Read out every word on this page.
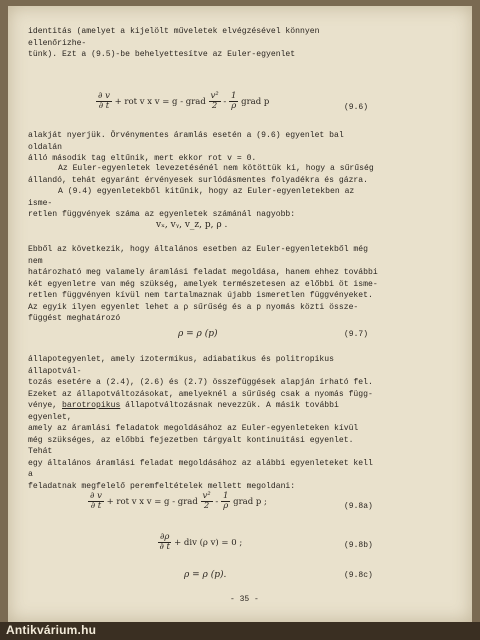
identitás (amelyet a kijelölt műveletek elvégzésével könnyen ellenőrizhe-
tünk). Ezt a (9.5)-be behelyettesítve az Euler-egyenlet
$\frac{\partial v}{\partial t}$ + rot v x v = g - grad $\frac{\text{v²}}{2} - \frac{1}{\rho}$ grad p
(9.6)
alakját nyerjük. Örvénymentes áramlás esetén a (9.6) egyenlet bal oldalán
álló második tag eltűnik, mert ekkor rot v = 0.
Az Euler-egyenletek levezetésénél nem kötöttük ki, hogy a sűrűség
állandó, tehát egyaránt érvényesek surlódásmentes folyadékra és gázra.
A (9.4) egyenletekből kitűnik, hogy az Euler-egyenletekben az isme-
retlen függvények száma az egyenletek számánál nagyobb:
vₓ, vᵧ, v_z, p, ρ .
Ebből az következik, hogy általános esetben az Euler-egyenletekből még nem
határozható meg valamely áramlási feladat megoldása, hanem ehhez további
két egyenletre van még szükség, amelyek természetesen az előbbi öt isme-
retlen függvényen kívül nem tartalmaznak újabb ismeretlen függvényeket.
Az egyik ilyen egyenlet lehet a ρ sűrűség és a p nyomás közti össze-
függést meghatározó
ρ = ρ (p)	(9.7)
állapotegyenlet, amely izotermikus, adiabatikus és politropikus állapotvál-
tozás esetére a (2.4), (2.6) és (2.7) összefüggések alapján írható fel.
Ezeket az állapotváltozásokat, amelyeknél a sűrűség csak a nyomás függ-
vénye, barotropikus állapotváltozásnak nevezzük. A másik további egyenlet,
amely az áramlási feladatok megoldásához az Euler-egyenleteken kívül
még szükséges, az előbbi fejezetben tárgyalt kontinuitási egyenlet. Tehát
egy általános áramlási feladat megoldásához az alábbi egyenleteket kell a
feladatnak megfelelő peremfeltételek mellett megoldani:
$\frac{\partial v}{\partial t}$ + rot v x v = g - grad $\frac{\text{v²}}{2} - \frac{1}{\rho}$ grad p ;	(9.8a)
$\frac{\partial\rho}{\partial t}$ + div (ρ v) = 0 ;	(9.8b)
ρ = ρ (p).	(9.8c)
- 35 -
Antikvárium.hu
